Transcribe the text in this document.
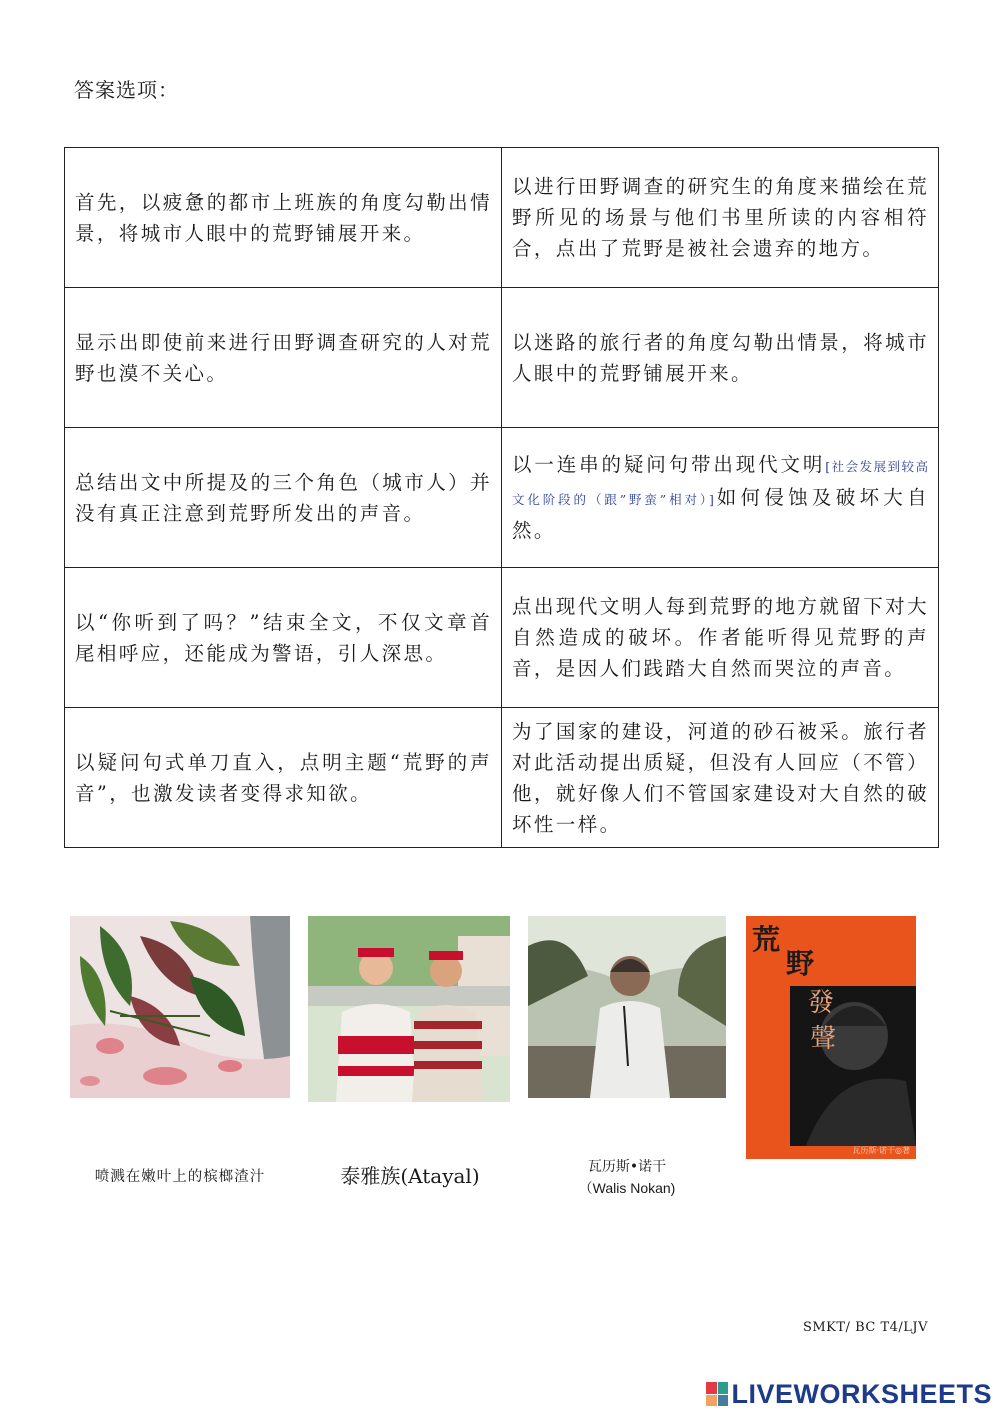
答案选项：
首先，以疲惫的都市上班族的角度勾勒出情景，将城市人眼中的荒野铺展开来。	以进行田野调查的研究生的角度来描绘在荒野所见的场景与他们书里所读的内容相符合，点出了荒野是被社会遗弃的地方。
显示出即使前来进行田野调查研究的人对荒野也漠不关心。	以迷路的旅行者的角度勾勒出情景，将城市人眼中的荒野铺展开来。
总结出文中所提及的三个角色（城市人）并没有真正注意到荒野所发出的声音。	以一连串的疑问句带出现代文明[社会发展到较高文化阶段的（跟”野蛮”相对）]如何侵蚀及破坏大自然。
以“你听到了吗？”结束全文，不仅文章首尾相呼应，还能成为警语，引人深思。	点出现代文明人每到荒野的地方就留下对大自然造成的破坏。作者能听得见荒野的声音，是因人们践踏大自然而哭泣的声音。
以疑问句式单刀直入，点明主题“荒野的声音”，也激发读者变得求知欲。	为了国家的建设，河道的砂石被采。旅行者对此活动提出质疑，但没有人回应（不管）他，就好像人们不管国家建设对大自然的破坏性一样。
荒
野
發
聲
瓦历斯·诺干◎著
喷溅在嫩叶上的槟榔渣汁	泰雅族(Atayal)	瓦历斯•诺干
（Walis Nokan)
SMKT/ BC T4/LJV
LIVEWORKSHEETS
